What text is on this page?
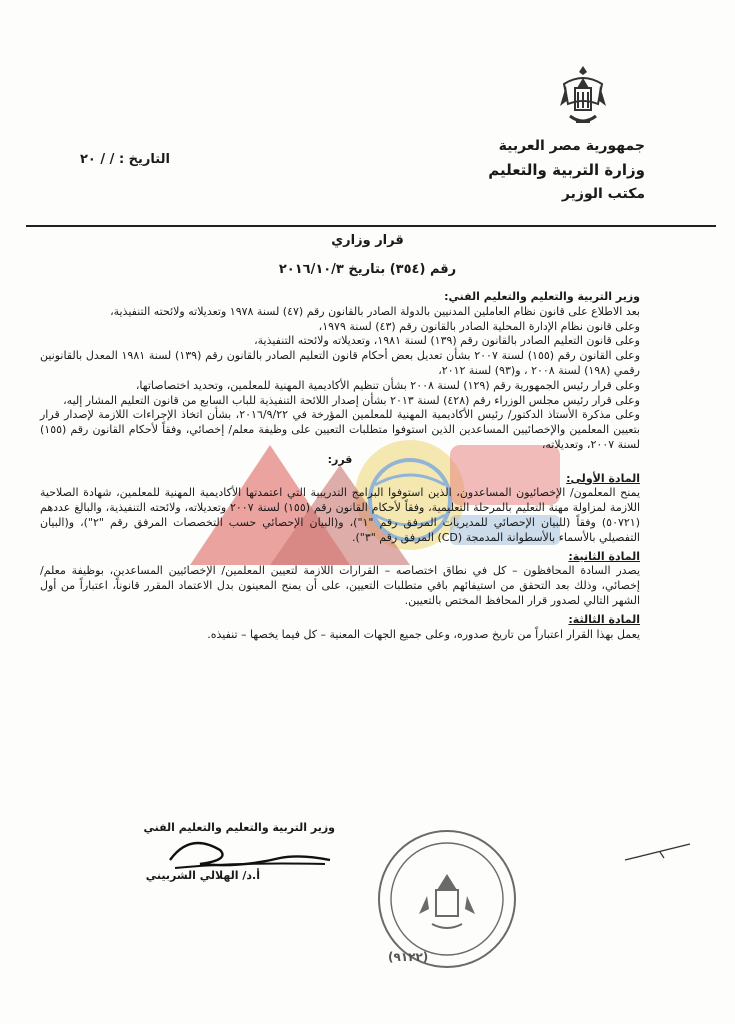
جمهورية مصر العربية
وزارة التربية والتعليم
مكتب الوزير
التاريخ : / / ٢٠
قرار وزاري
رقم (٣٥٤) بتاريخ ٢٠١٦/١٠/٣

وزير التربية والتعليم والتعليم الفني:

بعد الاطلاع على قانون نظام العاملين المدنيين بالدولة الصادر بالقانون رقم (٤٧) لسنة ١٩٧٨ وتعديلاته ولائحته التنفيذية،

وعلى قانون نظام الإدارة المحلية الصادر بالقانون رقم (٤٣) لسنة ١٩٧٩،

وعلى قانون التعليم الصادر بالقانون رقم (١٣٩) لسنة ١٩٨١، وتعديلاته ولائحته التنفيذية،

وعلى القانون رقم (١٥٥) لسنة ٢٠٠٧ بشأن تعديل بعض أحكام قانون التعليم الصادر بالقانون رقم (١٣٩) لسنة ١٩٨١ المعدل بالقانونين رقمي (١٩٨) لسنة ٢٠٠٨ ، و(٩٣) لسنة ٢٠١٢،

وعلى قرار رئيس الجمهورية رقم (١٢٩) لسنة ٢٠٠٨ بشأن تنظيم الأكاديمية المهنية للمعلمين، وتحديد اختصاصاتها،

وعلى قرار رئيس مجلس الوزراء رقم (٤٢٨) لسنة ٢٠١٣ بشأن إصدار اللائحة التنفيذية للباب السابع من قانون التعليم المشار إليه،

وعلى مذكرة الأستاذ الدكتور/ رئيس الأكاديمية المهنية للمعلمين المؤرخة في ٢٠١٦/٩/٢٢، بشأن اتخاذ الإجراءات اللازمة لإصدار قرار بتعيين المعلمين والإخصائيين المساعدين الذين استوفوا متطلبات التعيين على وظيفة معلم/ إخصائي، وفقاً لأحكام القانون رقم (١٥٥) لسنة ٢٠٠٧، وتعديلاته،

قرر:

المادة الأولى:

يمنح المعلمون/ الإخصائيون المساعدون، الذين استوفوا البرامج التدريبية التي اعتمدتها الأكاديمية المهنية للمعلمين، شهادة الصلاحية اللازمة لمزاولة مهنة التعليم بالمرحلة التعليمية، وفقاً لأحكام القانون رقم (١٥٥) لسنة ٢٠٠٧ وتعديلاته، ولائحته التنفيذية، والبالغ عددهم (٥٠٧٢١) وفقاً (للبيان الإحصائي للمديريات المرفق رقم "١")، و(البيان الإحصائي حسب التخصصات المرفق رقم "٢")، و(البيان التفصيلي بالأسماء بالأسطوانة المدمجة (CD) المرفق رقم "٣").

المادة الثانية:

يصدر السادة المحافظون – كل في نطاق اختصاصه – القرارات اللازمة لتعيين المعلمين/ الإخصائيين المساعدين، بوظيفة معلم/ إخصائي، وذلك بعد التحقق من استيفائهم باقي متطلبات التعيين، على أن يمنح المعينون بدل الاعتماد المقرر قانوناً، اعتباراً من أول الشهر التالي لصدور قرار المحافظ المختص بالتعيين.

المادة الثالثة:

يعمل بهذا القرار اعتباراً من تاريخ صدوره، وعلى جميع الجهات المعنية – كل فيما يخصها – تنفيذه.

وزير التربية والتعليم والتعليم الفني
أ.د/ الهلالي الشربيني
(٩١٢٢)
